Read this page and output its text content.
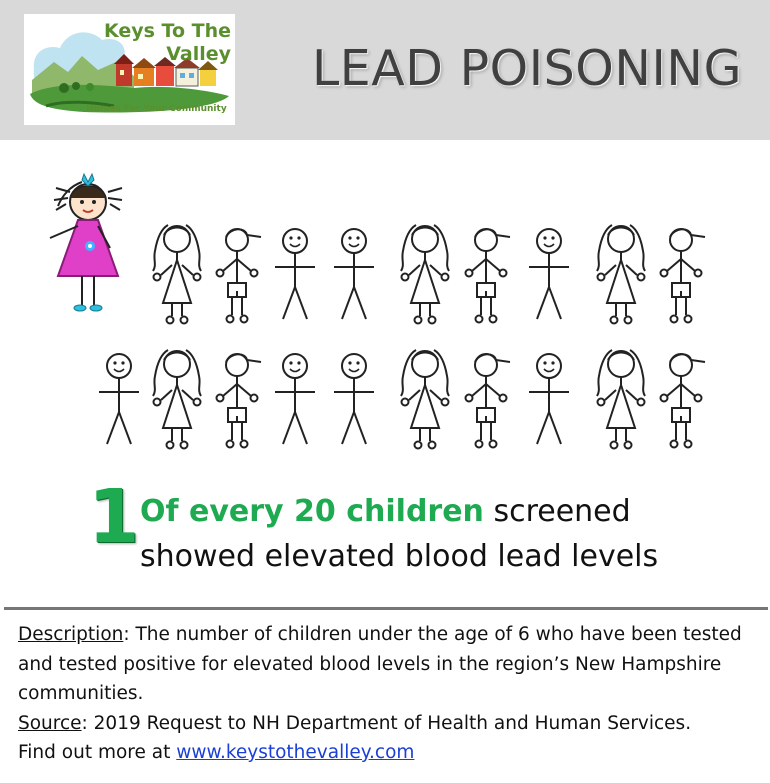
Keys To The
Valley
Homes For Your Community
LEAD POISONING
1 Of every 20 children screened
showed elevated blood lead levels

Description: The number of children under the age of 6 who have been tested and tested positive for elevated blood levels in the region’s New Hampshire communities.

Source: 2019 Request to NH Department of Health and Human Services.

Find out more at www.keystothevalley.com
